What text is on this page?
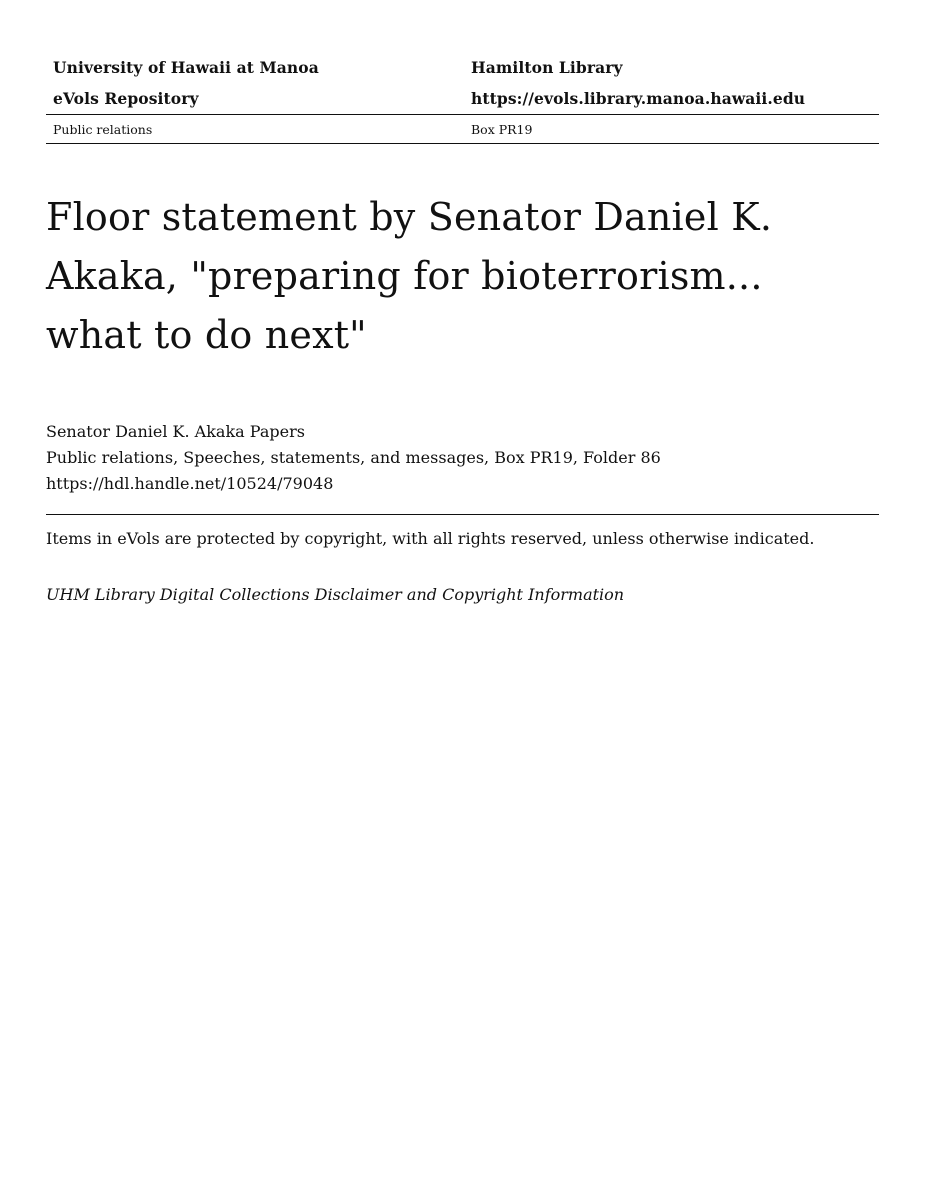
University of Hawaii at Manoa	Hamilton Library
eVols Repository	https://evols.library.manoa.hawaii.edu
Public relations	Box PR19
Floor statement by Senator Daniel K. Akaka, "preparing for bioterrorism... what to do next"
Senator Daniel K. Akaka Papers
Public relations, Speeches, statements, and messages, Box PR19, Folder 86
https://hdl.handle.net/10524/79048
Items in eVols are protected by copyright, with all rights reserved, unless otherwise indicated.
UHM Library Digital Collections Disclaimer and Copyright Information
